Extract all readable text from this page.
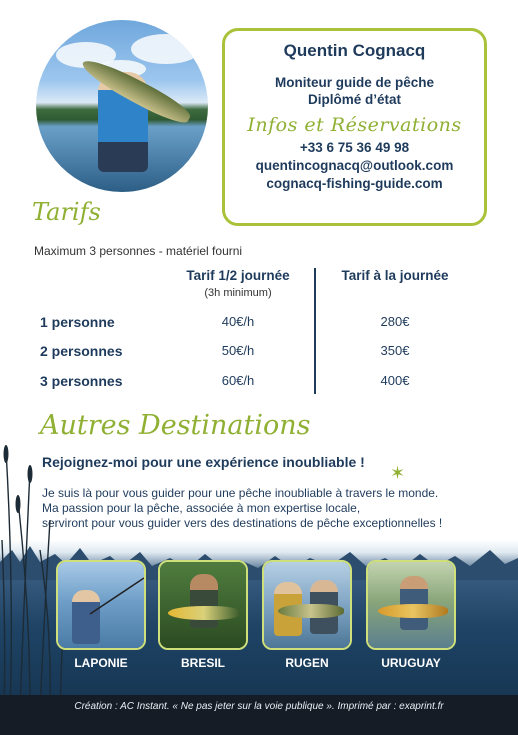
Quentin Cognacq
Moniteur guide de pêche
Diplômé d’état
Infos et Réservations
+33 6 75 36 49 98
quentincognacq@outlook.com
cognacq-fishing-guide.com
Tarifs
Maximum 3 personnes - matériel fourni
Tarif 1/2 journée
(3h minimum)
Tarif à la journée
1 personne	40€/h	280€
2 personnes	50€/h	350€
3 personnes	60€/h	400€
Autres Destinations
✶
Rejoignez-moi pour une expérience inoubliable !
Je suis là pour vous guider pour une pêche inoubliable à travers le monde.
Ma passion pour la pêche, associée à mon expertise locale,
serviront pour vous guider vers des destinations de pêche exceptionnelles !
LAPONIE	BRESIL	RUGEN	URUGUAY
Création : AC Instant. « Ne pas jeter sur la voie publique ». Imprimé par : exaprint.fr
